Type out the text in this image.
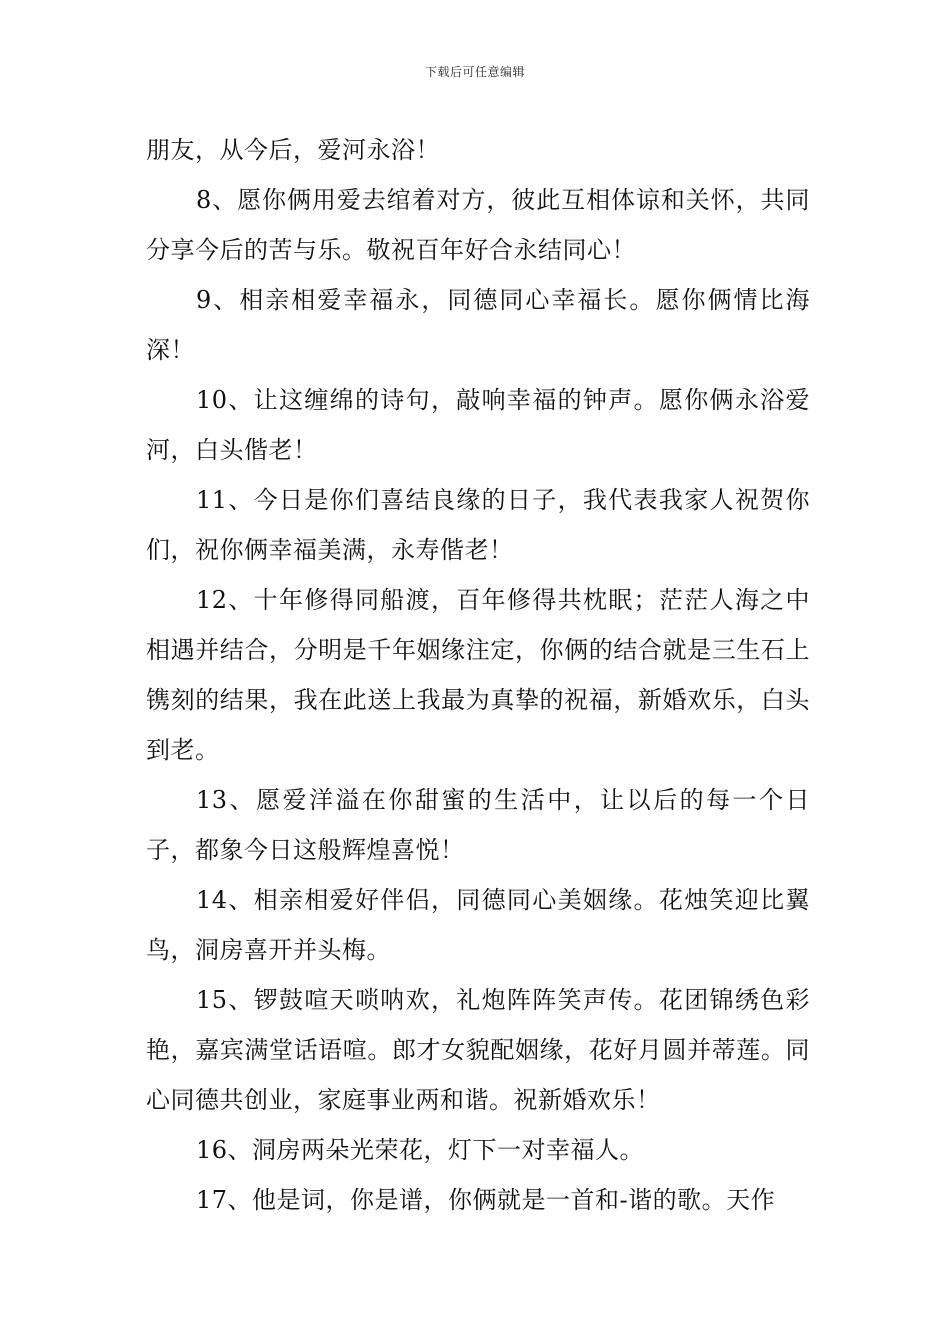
下载后可任意编辑

朋友，从今后，爱河永浴！

8、愿你俩用爱去绾着对方，彼此互相体谅和关怀，共同分享今后的苦与乐。敬祝百年好合永结同心！

9、相亲相爱幸福永，同德同心幸福长。愿你俩情比海深！

10、让这缠绵的诗句，敲响幸福的钟声。愿你俩永浴爱河，白头偕老！

11、今日是你们喜结良缘的日子，我代表我家人祝贺你们，祝你俩幸福美满，永寿偕老！

12、十年修得同船渡，百年修得共枕眠；茫茫人海之中相遇并结合，分明是千年姻缘注定，你俩的结合就是三生石上镌刻的结果，我在此送上我最为真挚的祝福，新婚欢乐，白头到老。

13、愿爱洋溢在你甜蜜的生活中，让以后的每一个日子，都象今日这般辉煌喜悦！

14、相亲相爱好伴侣，同德同心美姻缘。花烛笑迎比翼鸟，洞房喜开并头梅。

15、锣鼓喧天唢呐欢，礼炮阵阵笑声传。花团锦绣色彩艳，嘉宾满堂话语喧。郎才女貌配姻缘，花好月圆并蒂莲。同心同德共创业，家庭事业两和谐。祝新婚欢乐！

16、洞房两朵光荣花，灯下一对幸福人。

17、他是词，你是谱，你俩就是一首和-谐的歌。天作
